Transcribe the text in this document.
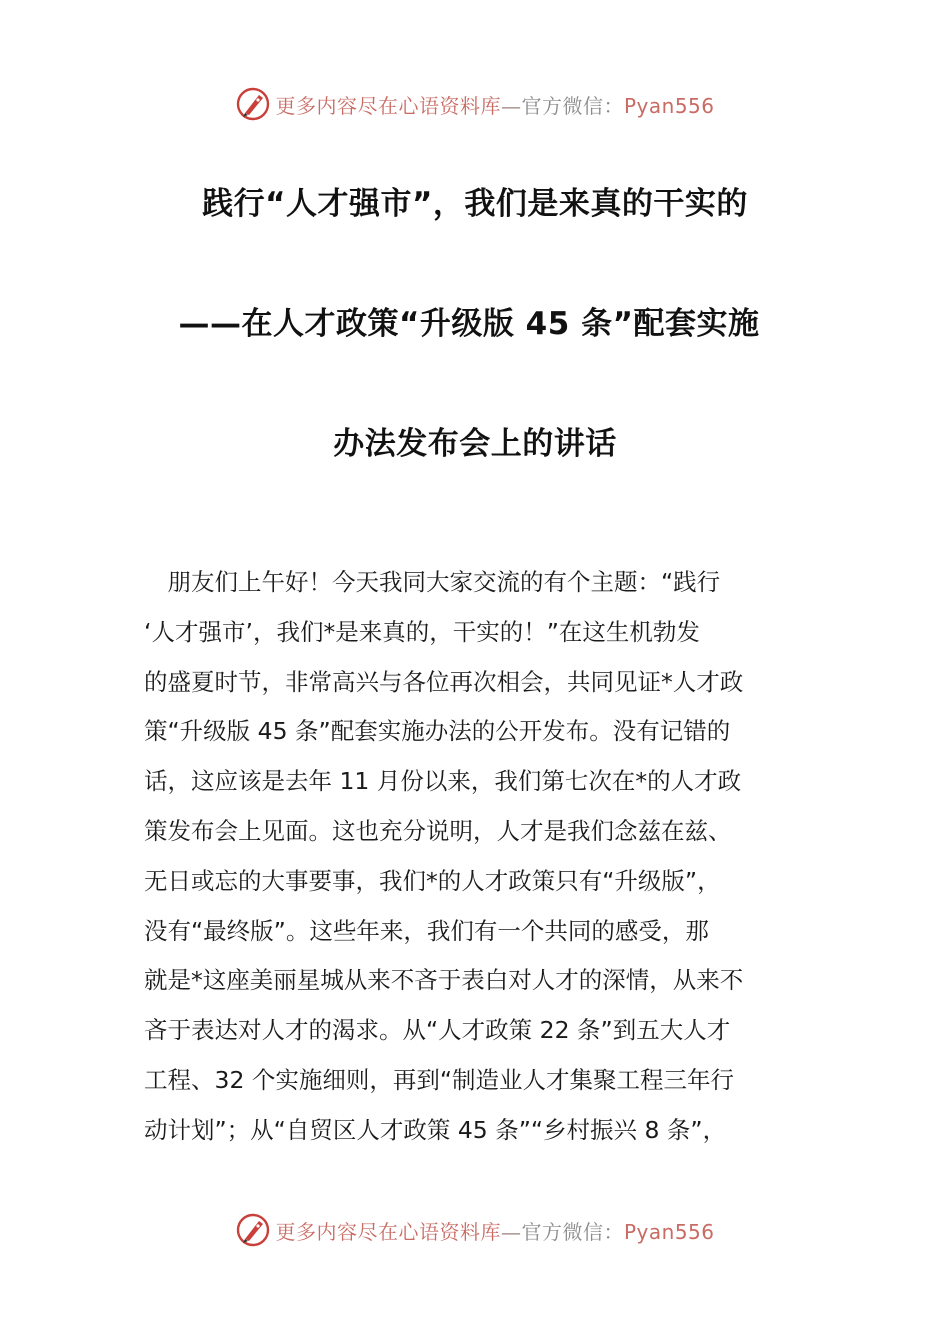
更多内容尽在心语资料库—官方微信：Pyan556
践行“人才强市”，我们是来真的干实的
——在人才政策“升级版 45 条”配套实施
办法发布会上的讲话
　朋友们上午好！今天我同大家交流的有个主题：“践行
‘人才强市’，我们*是来真的，干实的！”在这生机勃发
的盛夏时节，非常高兴与各位再次相会，共同见证*人才政
策“升级版 45 条”配套实施办法的公开发布。没有记错的
话，这应该是去年 11 月份以来，我们第七次在*的人才政
策发布会上见面。这也充分说明，人才是我们念兹在兹、
无日或忘的大事要事，我们*的人才政策只有“升级版”，
没有“最终版”。这些年来，我们有一个共同的感受，那
就是*这座美丽星城从来不吝于表白对人才的深情，从来不
吝于表达对人才的渴求。从“人才政策 22 条”到五大人才
工程、32 个实施细则，再到“制造业人才集聚工程三年行
动计划”；从“自贸区人才政策 45 条”“乡村振兴 8 条”，
更多内容尽在心语资料库—官方微信：Pyan556
